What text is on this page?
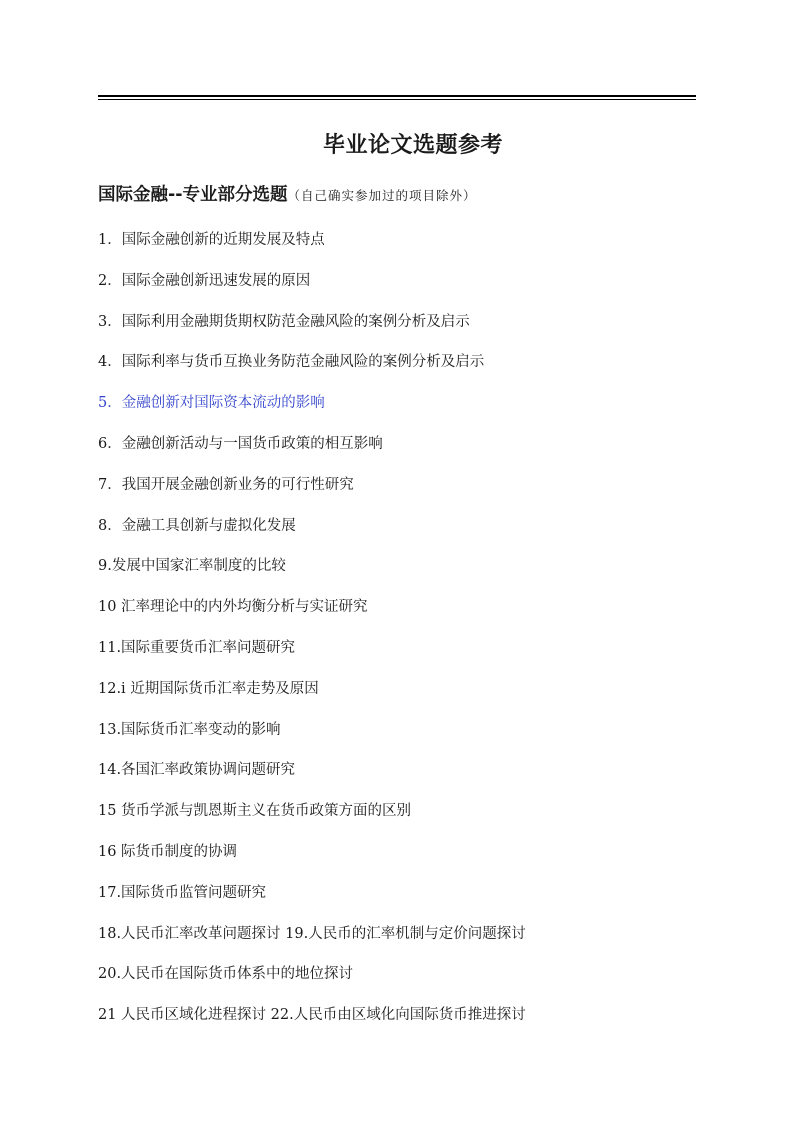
毕业论文选题参考
国际金融--专业部分选题（自己确实参加过的项目除外）
1．国际金融创新的近期发展及特点
2．国际金融创新迅速发展的原因
3．国际利用金融期货期权防范金融风险的案例分析及启示
4．国际利率与货币互换业务防范金融风险的案例分析及启示
5．金融创新对国际资本流动的影响
6．金融创新活动与一国货币政策的相互影响
7．我国开展金融创新业务的可行性研究
8．金融工具创新与虚拟化发展
9.发展中国家汇率制度的比较
10 汇率理论中的内外均衡分析与实证研究
11.国际重要货币汇率问题研究
12.i 近期国际货币汇率走势及原因
13.国际货币汇率变动的影响
14.各国汇率政策协调问题研究
15 货币学派与凯恩斯主义在货币政策方面的区别
16 际货币制度的协调
17.国际货币监管问题研究
18.人民币汇率改革问题探讨 19.人民币的汇率机制与定价问题探讨
20.人民币在国际货币体系中的地位探讨
21 人民币区域化进程探讨 22.人民币由区域化向国际货币推进探讨
